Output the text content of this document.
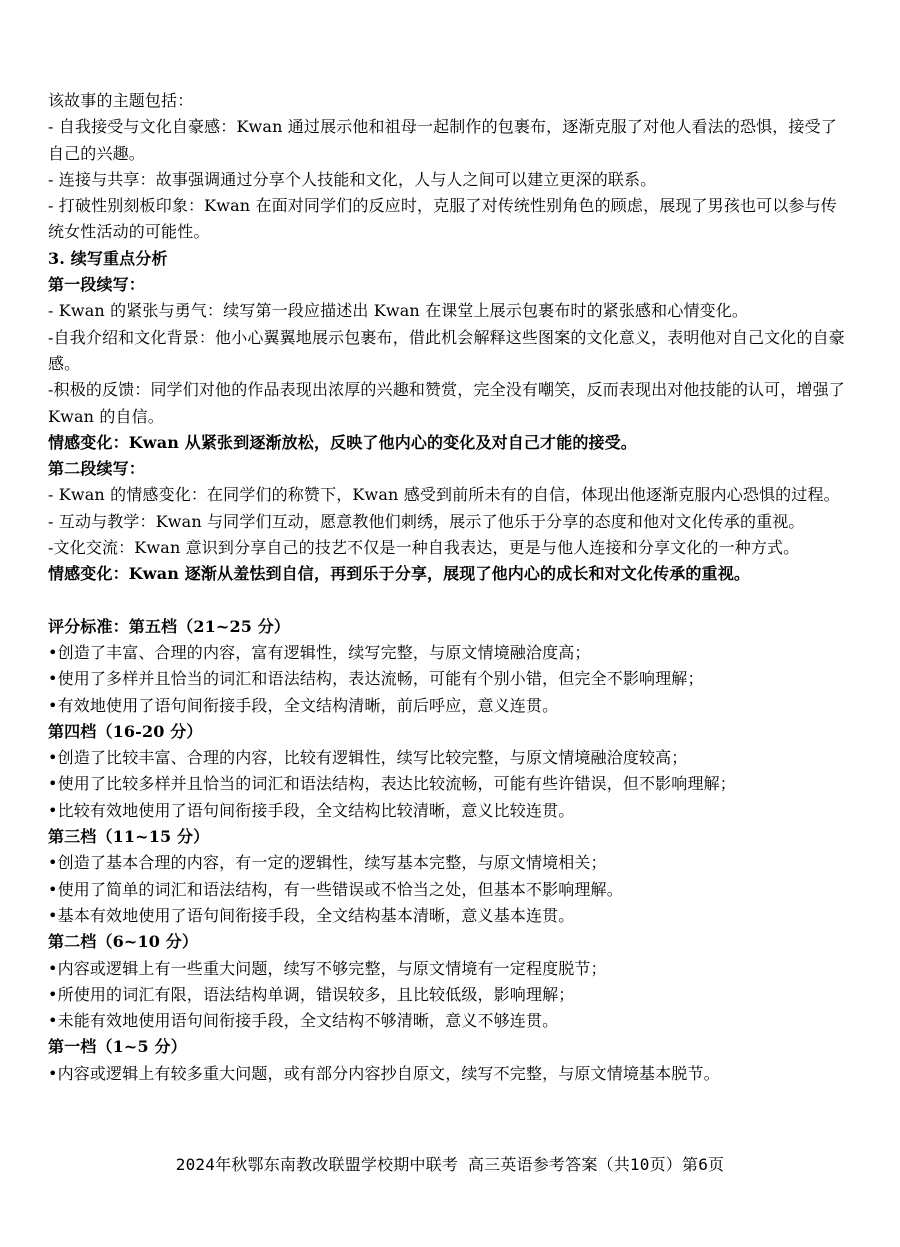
该故事的主题包括：

- 自我接受与文化自豪感：Kwan 通过展示他和祖母一起制作的包裹布，逐渐克服了对他人看法的恐惧，接受了自己的兴趣。

- 连接与共享：故事强调通过分享个人技能和文化，人与人之间可以建立更深的联系。

- 打破性别刻板印象：Kwan 在面对同学们的反应时，克服了对传统性别角色的顾虑，展现了男孩也可以参与传统女性活动的可能性。

3. 续写重点分析

第一段续写：

- Kwan 的紧张与勇气：续写第一段应描述出 Kwan 在课堂上展示包裹布时的紧张感和心情变化。

-自我介绍和文化背景：他小心翼翼地展示包裹布，借此机会解释这些图案的文化意义，表明他对自己文化的自豪感。

-积极的反馈：同学们对他的作品表现出浓厚的兴趣和赞赏，完全没有嘲笑，反而表现出对他技能的认可，增强了 Kwan 的自信。

情感变化：Kwan 从紧张到逐渐放松，反映了他内心的变化及对自己才能的接受。

第二段续写：

- Kwan 的情感变化：在同学们的称赞下，Kwan 感受到前所未有的自信，体现出他逐渐克服内心恐惧的过程。

- 互动与教学：Kwan 与同学们互动，愿意教他们刺绣，展示了他乐于分享的态度和他对文化传承的重视。

-文化交流：Kwan 意识到分享自己的技艺不仅是一种自我表达，更是与他人连接和分享文化的一种方式。

情感变化：Kwan 逐渐从羞怯到自信，再到乐于分享，展现了他内心的成长和对文化传承的重视。

评分标准：第五档（21~25 分）

•创造了丰富、合理的内容，富有逻辑性，续写完整，与原文情境融洽度高；

•使用了多样并且恰当的词汇和语法结构，表达流畅，可能有个别小错，但完全不影响理解；

•有效地使用了语句间衔接手段，全文结构清晰，前后呼应，意义连贯。

第四档（16-20 分）

•创造了比较丰富、合理的内容，比较有逻辑性，续写比较完整，与原文情境融洽度较高；

•使用了比较多样并且恰当的词汇和语法结构，表达比较流畅，可能有些许错误，但不影响理解；

•比较有效地使用了语句间衔接手段，全文结构比较清晰，意义比较连贯。

第三档（11~15 分）

•创造了基本合理的内容，有一定的逻辑性，续写基本完整，与原文情境相关；

•使用了简单的词汇和语法结构，有一些错误或不恰当之处，但基本不影响理解。

•基本有效地使用了语句间衔接手段，全文结构基本清晰，意义基本连贯。

第二档（6~10 分）

•内容或逻辑上有一些重大问题，续写不够完整，与原文情境有一定程度脱节；

•所使用的词汇有限，语法结构单调，错误较多，且比较低级，影响理解；

•未能有效地使用语句间衔接手段，全文结构不够清晰，意义不够连贯。

第一档（1~5 分）

•内容或逻辑上有较多重大问题，或有部分内容抄自原文，续写不完整，与原文情境基本脱节。

2024年秋鄂东南教改联盟学校期中联考 高三英语参考答案（共10页）第6页
